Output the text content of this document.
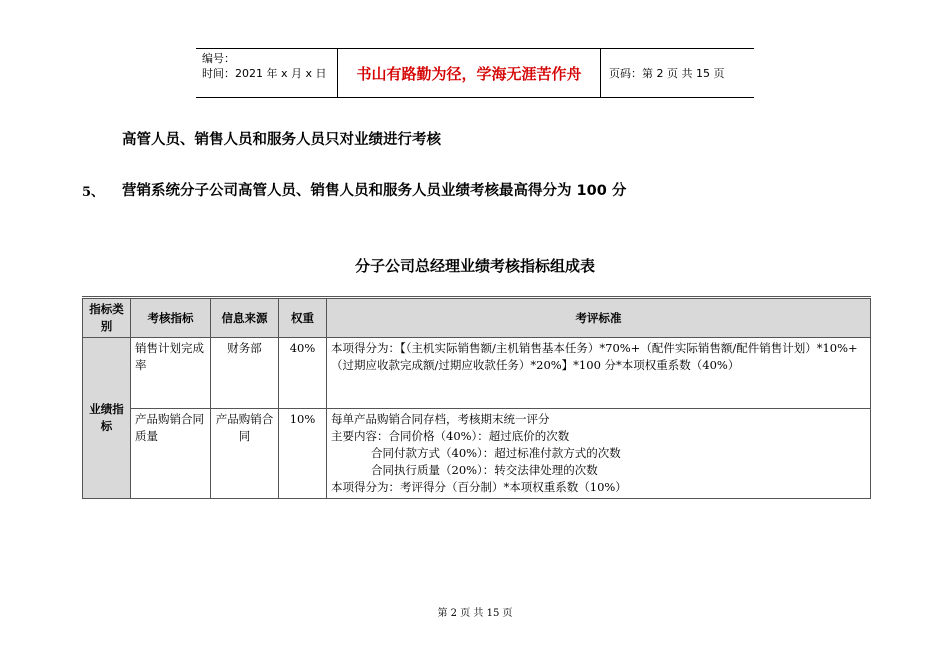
编号：
时间：2021 年 x 月 x 日	书山有路勤为径，学海无涯苦作舟	页码：第 2 页 共 15 页
高管人员、销售人员和服务人员只对业绩进行考核
5、 营销系统分子公司高管人员、销售人员和服务人员业绩考核最高得分为 100 分
分子公司总经理业绩考核指标组成表
指标类别	考核指标	信息来源	权重	考评标准
业绩指标	销售计划完成率	财务部	40%	本项得分为：【（主机实际销售额/主机销售基本任务）*70%+（配件实际销售额/配件销售计划）*10%+（过期应收款完成额/过期应收款任务）*20%】*100 分*本项权重系数（40%）
	产品购销合同质量	产品购销合同	10%	每单产品购销合同存档，考核期末统一评分
主要内容：合同价格（40%）：超过底价的次数
合同付款方式（40%）：超过标准付款方式的次数
合同执行质量（20%）：转交法律处理的次数
本项得分为：考评得分（百分制）*本项权重系数（10%）
第 2 页 共 15 页
